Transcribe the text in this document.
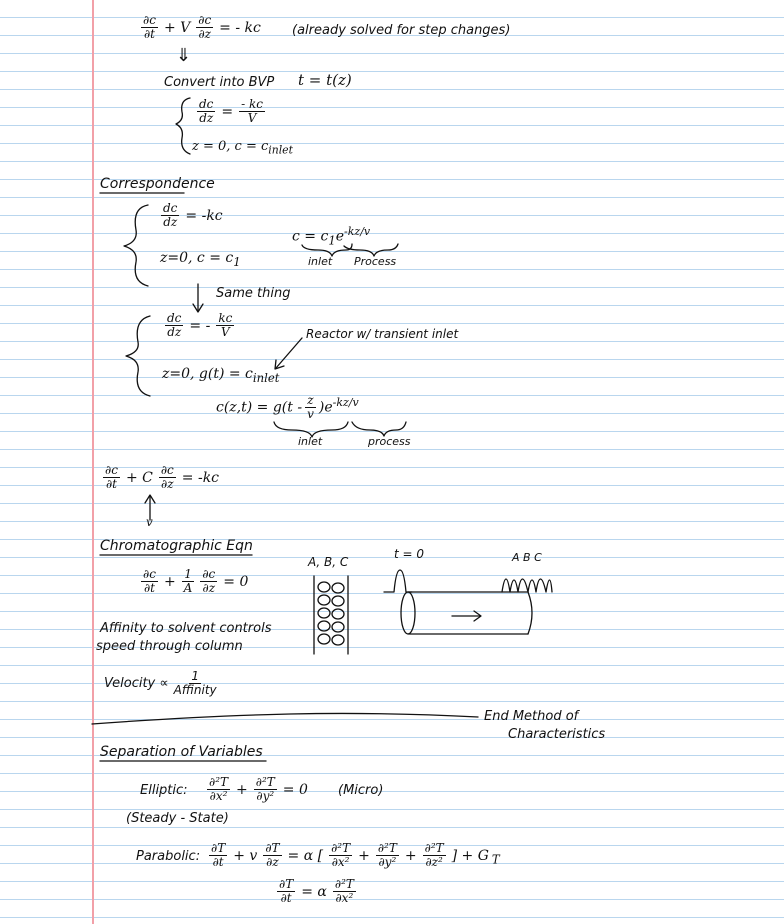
$\frac{\partial c}{\partial t} + V \frac{\partial c}{\partial z}$ = - kc (already solved for step changes)
⇓
Convert into BVP t = t(z)
$\frac{dc}{dz} = \frac{- kc}{V}$
z = 0, $c = c_{inlet}$
Correspondence
$\frac{dc}{dz} = -kc$
z=0, $c = c_1$
$c = c_1e^{-kz/v}$
inlet Process
Same thing
$\frac{dc}{dz}$ = - $\frac{kc}{V}$	Reactor w/ transient inlet
z=0, $g(t) = c_{inlet}$
$c(z,t) = g(t - \frac{z}{v} )e^{-kz/v}$
inlet	process
$\frac{\partial c}{\partial t} + C \frac{\partial c}{\partial z} = -kc$
v
Chromatographic Eqn
$\frac{\partial c}{\partial t} + \frac{1}{A} \frac{\partial c}{\partial z} = 0$
A, B, C
t = 0	A B C
Affinity to solvent controls
speed through column
Velocity ∝ $\frac{1}{\text{Affinity}}$
End Method of
Characteristics
Separation of Variables
Elliptic: $\frac{\text{∂²T}}{\text{∂x²}} + \frac{\text{∂²T}}{\text{∂y²}} = 0$ (Micro)
(Steady - State)
Parabolic: $\frac{\partial T}{\partial t} + v \frac{\partial T}{\partial z} = \alpha$ [ $\frac{\text{∂²T}}{\text{∂x²}} + \frac{\text{∂²T}}{\text{∂y²}} + \frac{\text{∂²T}}{\text{∂z²}}$ ] + G $_T$
$\frac{\partial T}{\partial t} = \alpha \frac{\text{∂²T}}{\text{∂x²}}$
